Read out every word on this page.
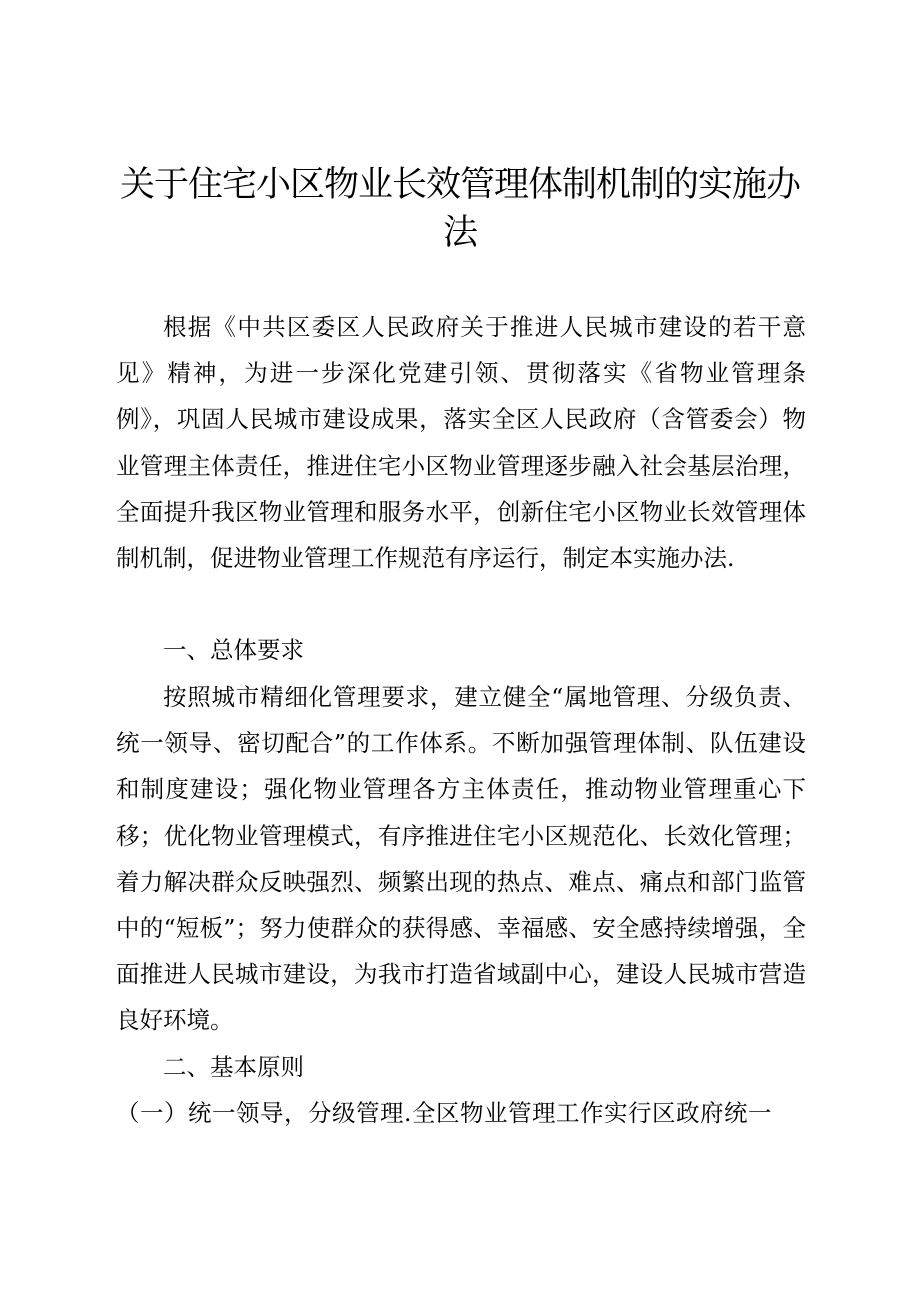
关于住宅小区物业长效管理体制机制的实施办
法

根据《中共区委区人民政府关于推进人民城市建设的若干意见》精神，为进一步深化党建引领、贯彻落实《省物业管理条例》，巩固人民城市建设成果，落实全区人民政府（含管委会）物业管理主体责任，推进住宅小区物业管理逐步融入社会基层治理，全面提升我区物业管理和服务水平，创新住宅小区物业长效管理体制机制，促进物业管理工作规范有序运行，制定本实施办法.

一、总体要求

按照城市精细化管理要求，建立健全“属地管理、分级负责、统一领导、密切配合”的工作体系。不断加强管理体制、队伍建设和制度建设；强化物业管理各方主体责任，推动物业管理重心下移；优化物业管理模式，有序推进住宅小区规范化、长效化管理；着力解决群众反映强烈、频繁出现的热点、难点、痛点和部门监管中的“短板”；努力使群众的获得感、幸福感、安全感持续增强，全面推进人民城市建设，为我市打造省域副中心，建设人民城市营造良好环境。

二、基本原则

（一）统一领导，分级管理.全区物业管理工作实行区政府统一
